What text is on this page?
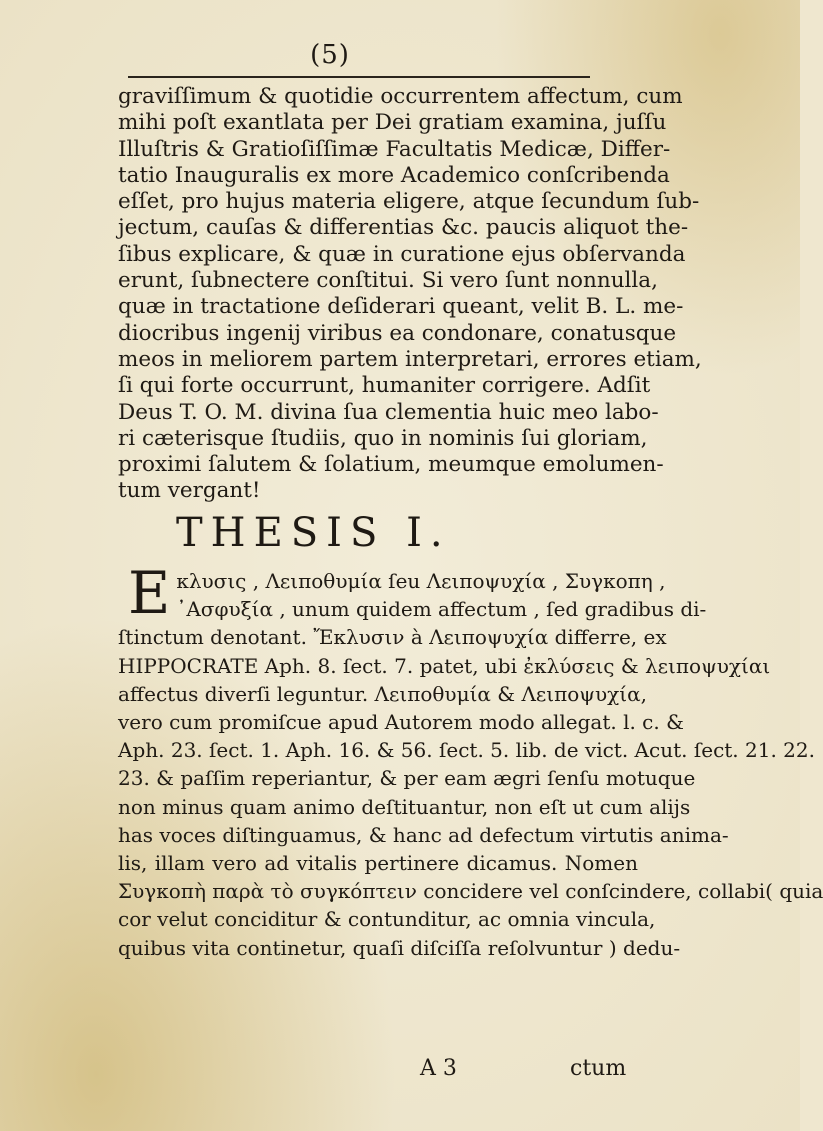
(5)
graviſſimum & quotidie occurrentem affectum, cum
mihi poſt exantlata per Dei gratiam examina, juſſu
Illuſtris & Gratioſiſſimæ Facultatis Medicæ, Differ-
tatio Inauguralis ex more Academico conſcribenda
eſſet, pro hujus materia eligere, atque ſecundum ſub-
jectum, cauſas & differentias &c. paucis aliquot the-
ſibus explicare, & quæ in curatione ejus obſervanda
erunt, ſubnectere conſtitui. Si vero ſunt nonnulla,
quæ in tractatione deſiderari queant, velit B. L. me-
diocribus ingenij viribus ea condonare, conatusque
meos in meliorem partem interpretari, errores etiam,
ſi qui forte occurrunt, humaniter corrigere. Adſit
Deus T. O. M. divina ſua clementia huic meo labo-
ri cæterisque ſtudiis, quo in nominis ſui gloriam,
proximi ſalutem & ſolatium, meumque emolumen-
tum vergant!
THESIS I.
E κλυσις , Λειποθυμία ſeu Λειποψυχία , Συγκοπη ,
᾿Ασφυξία , unum quidem affectum , ſed gradibus di-
ſtinctum denotant. Ἔκλυσιν à Λειποψυχία differre, ex
HIPPOCRATE Aph. 8. ſect. 7. patet, ubi ἐκλύσεις & λειποψυχίαι
affectus diverſi leguntur. Λειποθυμία & Λειποψυχία,
vero cum promiſcue apud Autorem modo allegat. l. c. &
Aph. 23. ſect. 1. Aph. 16. & 56. ſect. 5. lib. de vict. Acut. ſect. 21. 22.
23. & paſſim reperiantur, & per eam ægri ſenſu motuque
non minus quam animo deſtituantur, non eſt ut cum alijs
has voces diſtinguamus, & hanc ad defectum virtutis anima-
lis, illam vero ad vitalis pertinere dicamus. Nomen
Συγκοπὴ παρὰ τὸ συγκόπτειν concidere vel conſcindere, collabi( quia
cor velut conciditur & contunditur, ac omnia vincula,
quibus vita continetur, quaſi diſciſſa reſolvuntur ) dedu-
A 3	ctum
